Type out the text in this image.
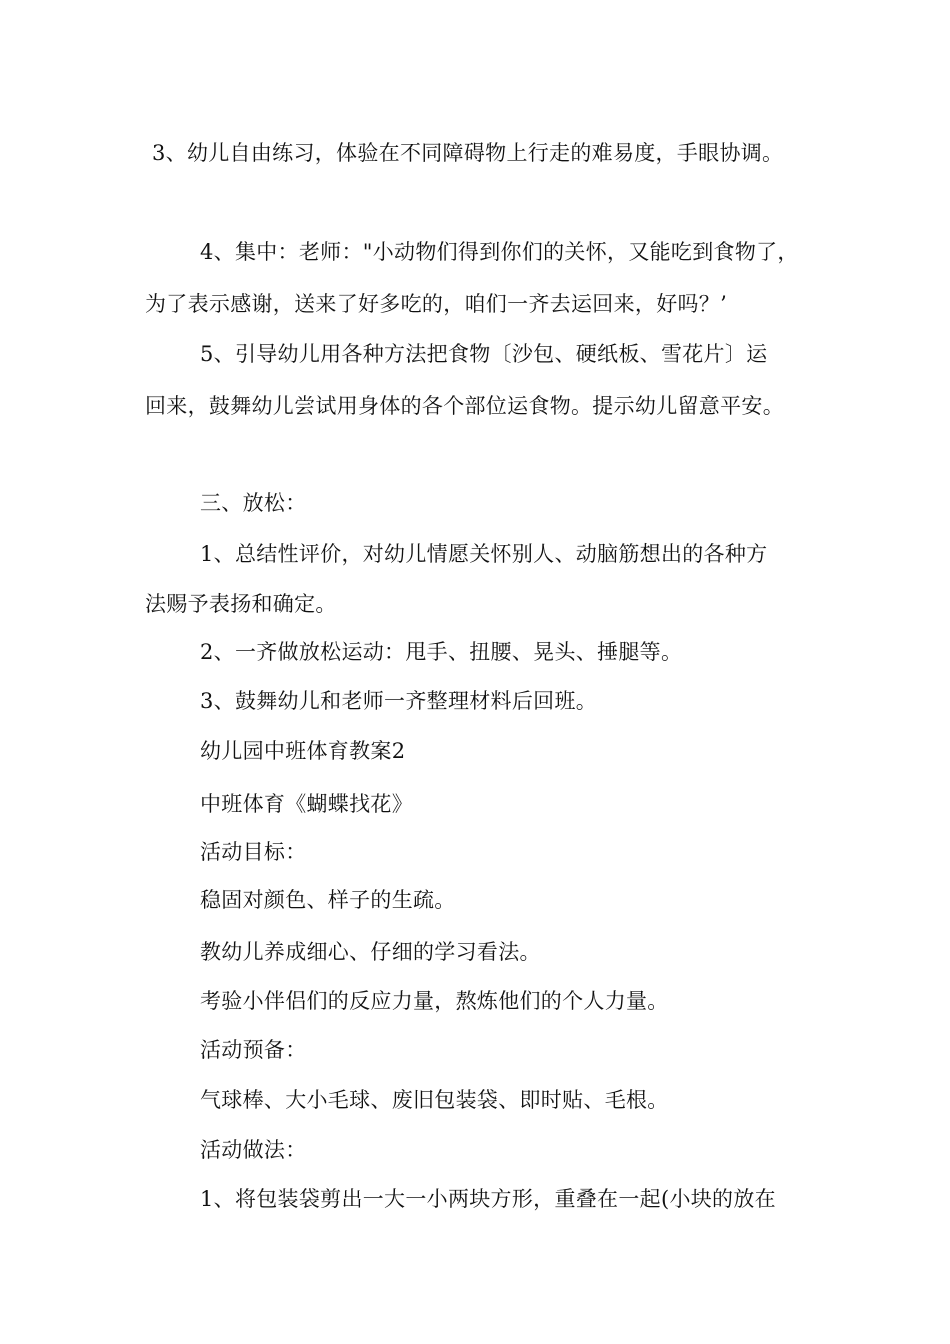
3、幼儿自由练习，体验在不同障碍物上行走的难易度，手眼协调。
4、集中：老师："小动物们得到你们的关怀，又能吃到食物了，
为了表示感谢，送来了好多吃的，咱们一齐去运回来，好吗？’
5、引导幼儿用各种方法把食物〔沙包、硬纸板、雪花片〕运
回来，鼓舞幼儿尝试用身体的各个部位运食物。提示幼儿留意平安。
三、放松：
1、总结性评价，对幼儿情愿关怀别人、动脑筋想出的各种方
法赐予表扬和确定。
2、一齐做放松运动：甩手、扭腰、晃头、捶腿等。
3、鼓舞幼儿和老师一齐整理材料后回班。
幼儿园中班体育教案2
中班体育《蝴蝶找花》
活动目标：
稳固对颜色、样子的生疏。
教幼儿养成细心、仔细的学习看法。
考验小伴侣们的反应力量，熬炼他们的个人力量。
活动预备：
气球棒、大小毛球、废旧包装袋、即时贴、毛根。
活动做法：
1、将包装袋剪出一大一小两块方形，重叠在一起(小块的放在
